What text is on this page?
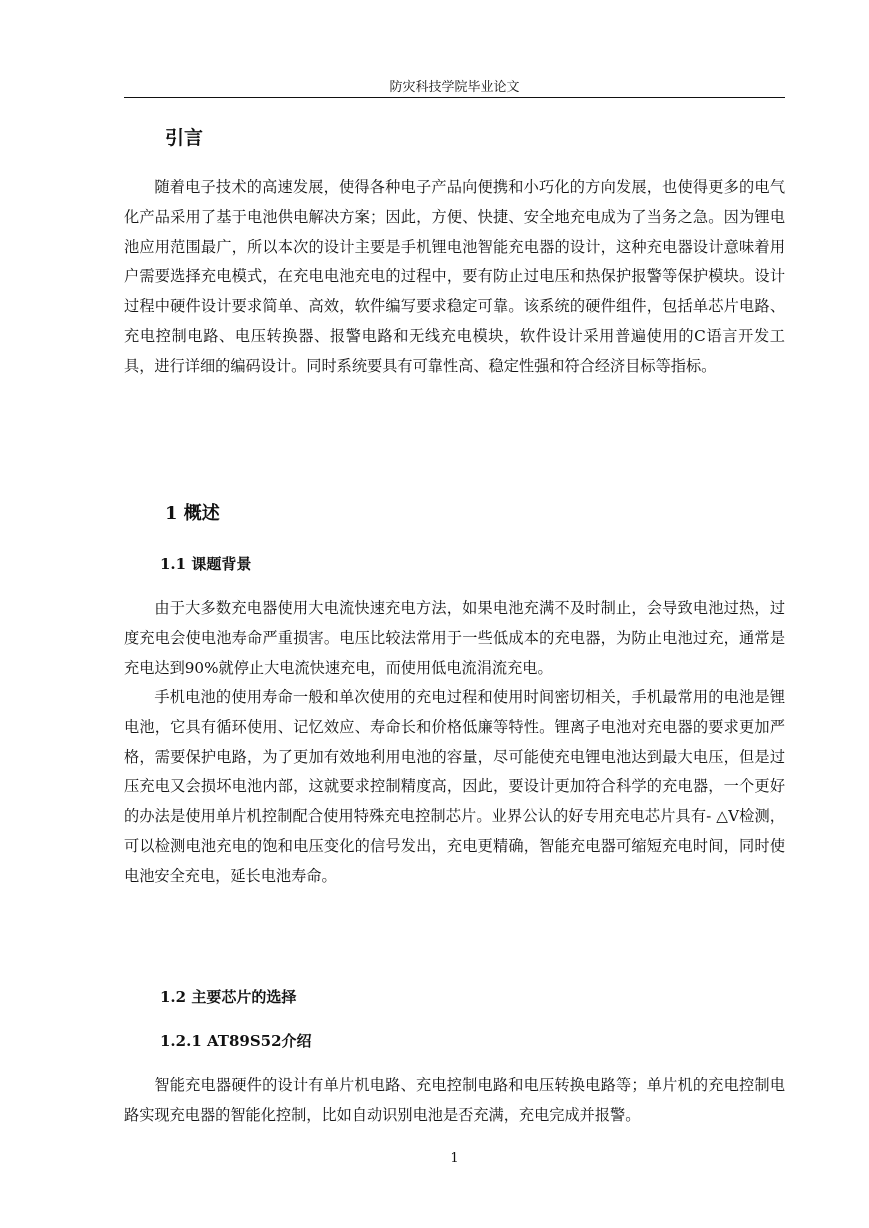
防灾科技学院毕业论文
引言

随着电子技术的高速发展，使得各种电子产品向便携和小巧化的方向发展，也使得更多的电气化产品采用了基于电池供电解决方案；因此，方便、快捷、安全地充电成为了当务之急。因为锂电池应用范围最广，所以本次的设计主要是手机锂电池智能充电器的设计，这种充电器设计意味着用户需要选择充电模式，在充电电池充电的过程中，要有防止过电压和热保护报警等保护模块。设计过程中硬件设计要求简单、高效，软件编写要求稳定可靠。该系统的硬件组件，包括单芯片电路、充电控制电路、电压转换器、报警电路和无线充电模块，软件设计采用普遍使用的C语言开发工具，进行详细的编码设计。同时系统要具有可靠性高、稳定性强和符合经济目标等指标。

1 概述
1.1 课题背景

由于大多数充电器使用大电流快速充电方法，如果电池充满不及时制止，会导致电池过热，过度充电会使电池寿命严重损害。电压比较法常用于一些低成本的充电器，为防止电池过充，通常是充电达到90%就停止大电流快速充电，而使用低电流涓流充电。

手机电池的使用寿命一般和单次使用的充电过程和使用时间密切相关，手机最常用的电池是锂电池，它具有循环使用、记忆效应、寿命长和价格低廉等特性。锂离子电池对充电器的要求更加严格，需要保护电路，为了更加有效地利用电池的容量，尽可能使充电锂电池达到最大电压，但是过压充电又会损坏电池内部，这就要求控制精度高，因此，要设计更加符合科学的充电器，一个更好的办法是使用单片机控制配合使用特殊充电控制芯片。业界公认的好专用充电芯片具有- △V检测，可以检测电池充电的饱和电压变化的信号发出，充电更精确，智能充电器可缩短充电时间，同时使电池安全充电，延长电池寿命。

1.2 主要芯片的选择
1.2.1 AT89S52介绍

智能充电器硬件的设计有单片机电路、充电控制电路和电压转换电路等；单片机的充电控制电路实现充电器的智能化控制，比如自动识别电池是否充满，充电完成并报警。

1
